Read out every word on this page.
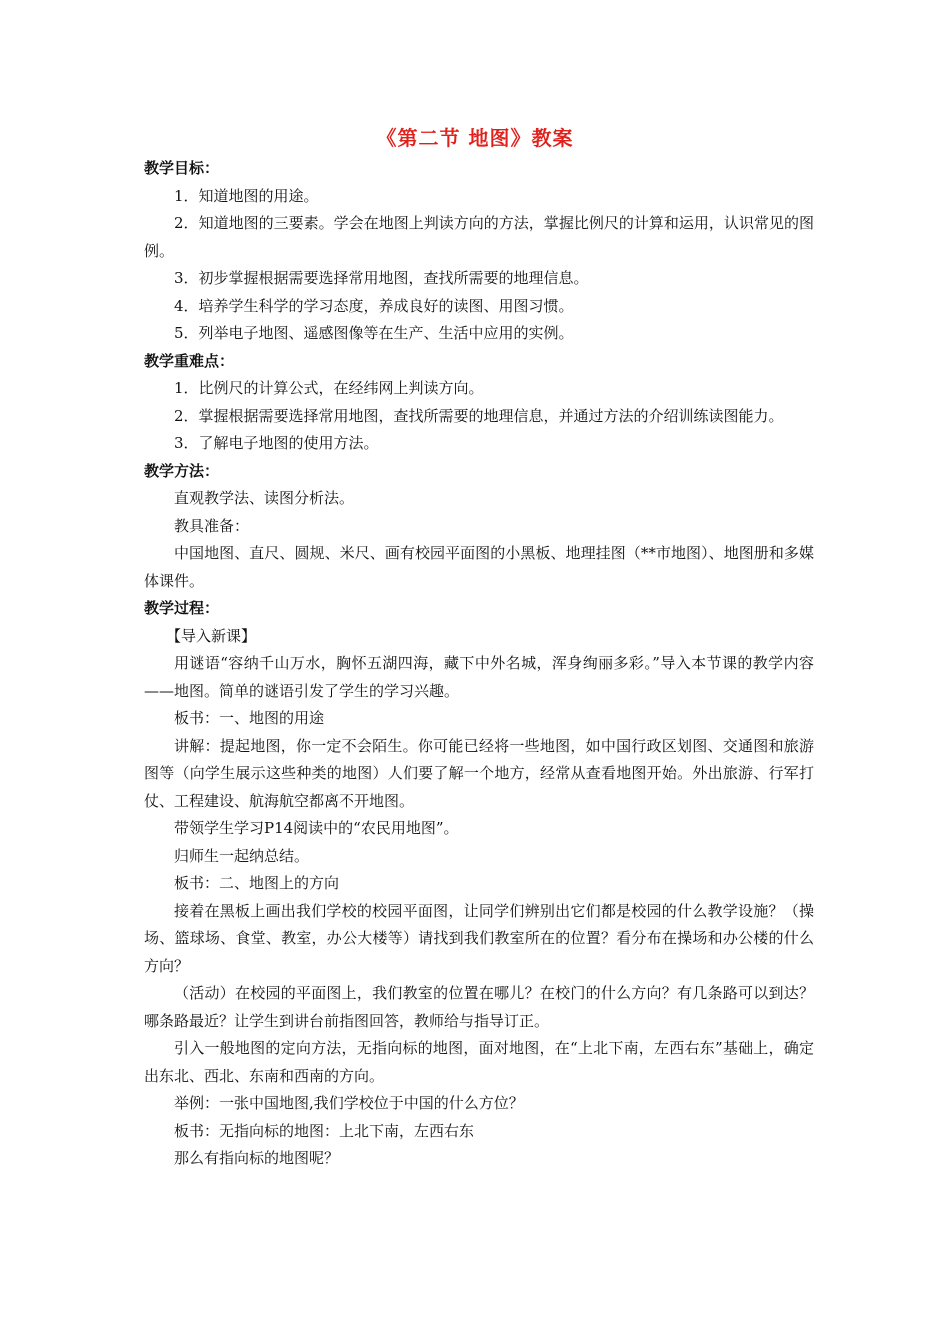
《第二节 地图》教案
教学目标：

1．知道地图的用途。

2．知道地图的三要素。学会在地图上判读方向的方法，掌握比例尺的计算和运用，认识常见的图例。

3．初步掌握根据需要选择常用地图，查找所需要的地理信息。

4．培养学生科学的学习态度，养成良好的读图、用图习惯。

5．列举电子地图、遥感图像等在生产、生活中应用的实例。

教学重难点：

1．比例尺的计算公式，在经纬网上判读方向。

2．掌握根据需要选择常用地图，查找所需要的地理信息，并通过方法的介绍训练读图能力。

3．了解电子地图的使用方法。

教学方法：

直观教学法、读图分析法。

教具准备：

中国地图、直尺、圆规、米尺、画有校园平面图的小黑板、地理挂图（**市地图）、地图册和多媒体课件。

教学过程：

【导入新课】

用谜语“容纳千山万水，胸怀五湖四海，藏下中外名城，浑身绚丽多彩。”导入本节课的教学内容——地图。简单的谜语引发了学生的学习兴趣。

板书：一、地图的用途

讲解：提起地图，你一定不会陌生。你可能已经将一些地图，如中国行政区划图、交通图和旅游图等（向学生展示这些种类的地图）人们要了解一个地方，经常从查看地图开始。外出旅游、行军打仗、工程建设、航海航空都离不开地图。

带领学生学习P14阅读中的“农民用地图”。

归师生一起纳总结。

板书：二、地图上的方向

接着在黑板上画出我们学校的校园平面图，让同学们辨别出它们都是校园的什么教学设施？（操场、篮球场、食堂、教室，办公大楼等）请找到我们教室所在的位置？看分布在操场和办公楼的什么方向？

（活动）在校园的平面图上，我们教室的位置在哪儿？在校门的什么方向？有几条路可以到达？哪条路最近？让学生到讲台前指图回答，教师给与指导订正。

引入一般地图的定向方法，无指向标的地图，面对地图，在“上北下南，左西右东”基础上，确定出东北、西北、东南和西南的方向。

举例：一张中国地图,我们学校位于中国的什么方位？

板书：无指向标的地图：上北下南，左西右东

那么有指向标的地图呢？
